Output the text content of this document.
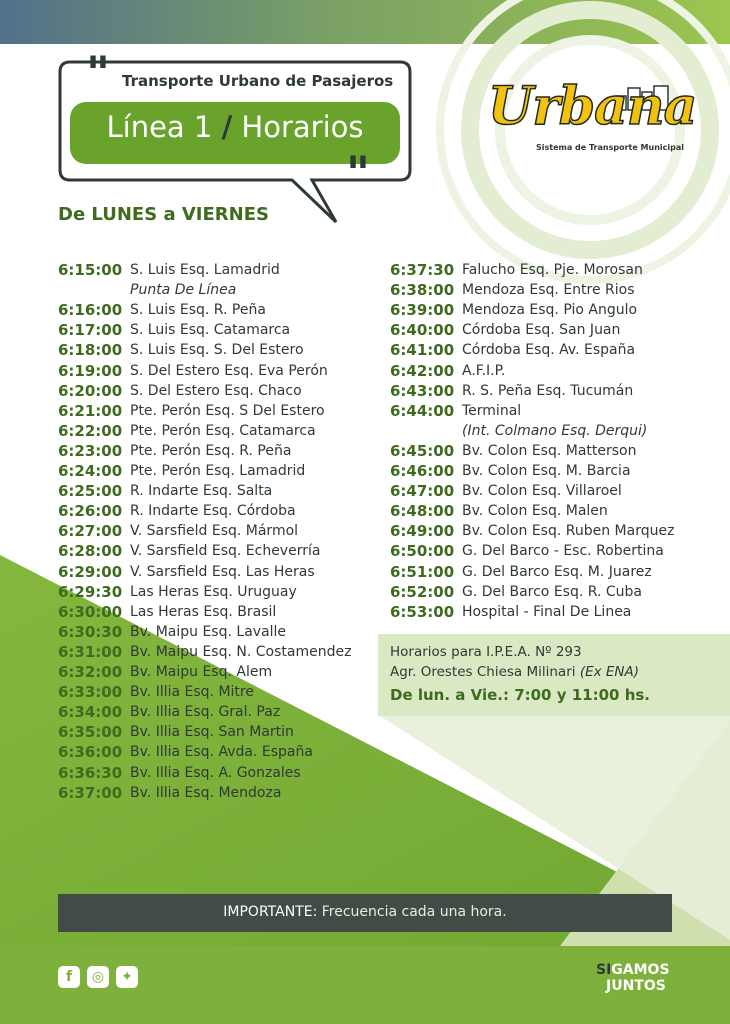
" Transporte Urbano de Pasajeros
Línea 1 / Horarios
"
Urbana
Sistema de Transporte Municipal
De LUNES a VIERNES
6:15:00 S. Luis Esq. Lamadrid
Punta De Línea
6:16:00 S. Luis Esq. R. Peña
6:17:00 S. Luis Esq. Catamarca
6:18:00 S. Luis Esq. S. Del Estero
6:19:00 S. Del Estero Esq. Eva Perón
6:20:00 S. Del Estero Esq. Chaco
6:21:00 Pte. Perón Esq. S Del Estero
6:22:00 Pte. Perón Esq. Catamarca
6:23:00 Pte. Perón Esq. R. Peña
6:24:00 Pte. Perón Esq. Lamadrid
6:25:00 R. Indarte Esq. Salta
6:26:00 R. Indarte Esq. Córdoba
6:27:00 V. Sarsfield Esq. Mármol
6:28:00 V. Sarsfield Esq. Echeverría
6:29:00 V. Sarsfield Esq. Las Heras
6:29:30 Las Heras Esq. Uruguay
6:30:00 Las Heras Esq. Brasil
6:30:30 Bv. Maipu Esq. Lavalle
6:31:00 Bv. Maipu Esq. N. Costamendez
6:32:00 Bv. Maipu Esq. Alem
6:33:00 Bv. Illia Esq. Mitre
6:34:00 Bv. Illia Esq. Gral. Paz
6:35:00 Bv. Illia Esq. San Martin
6:36:00 Bv. Illia Esq. Avda. España
6:36:30 Bv. Illia Esq. A. Gonzales
6:37:00 Bv. Illia Esq. Mendoza
6:37:30 Falucho Esq. Pje. Morosan
6:38:00 Mendoza Esq. Entre Rios
6:39:00 Mendoza Esq. Pio Angulo
6:40:00 Córdoba Esq. San Juan
6:41:00 Córdoba Esq. Av. España
6:42:00 A.F.I.P.
6:43:00 R. S. Peña Esq. Tucumán
6:44:00 Terminal
(Int. Colmano Esq. Derqui)
6:45:00 Bv. Colon Esq. Matterson
6:46:00 Bv. Colon Esq. M. Barcia
6:47:00 Bv. Colon Esq. Villaroel
6:48:00 Bv. Colon Esq. Malen
6:49:00 Bv. Colon Esq. Ruben Marquez
6:50:00 G. Del Barco - Esc. Robertina
6:51:00 G. Del Barco Esq. M. Juarez
6:52:00 G. Del Barco Esq. R. Cuba
6:53:00 Hospital - Final De Linea
Horarios para I.P.E.A. Nº 293
Agr. Orestes Chiesa Milinari (Ex ENA)
De lun. a Vie.: 7:00 y 11:00 hs.
IMPORTANTE: Frecuencia cada una hora.
f	◎	✦	SIGAMOS
JUNTOS
